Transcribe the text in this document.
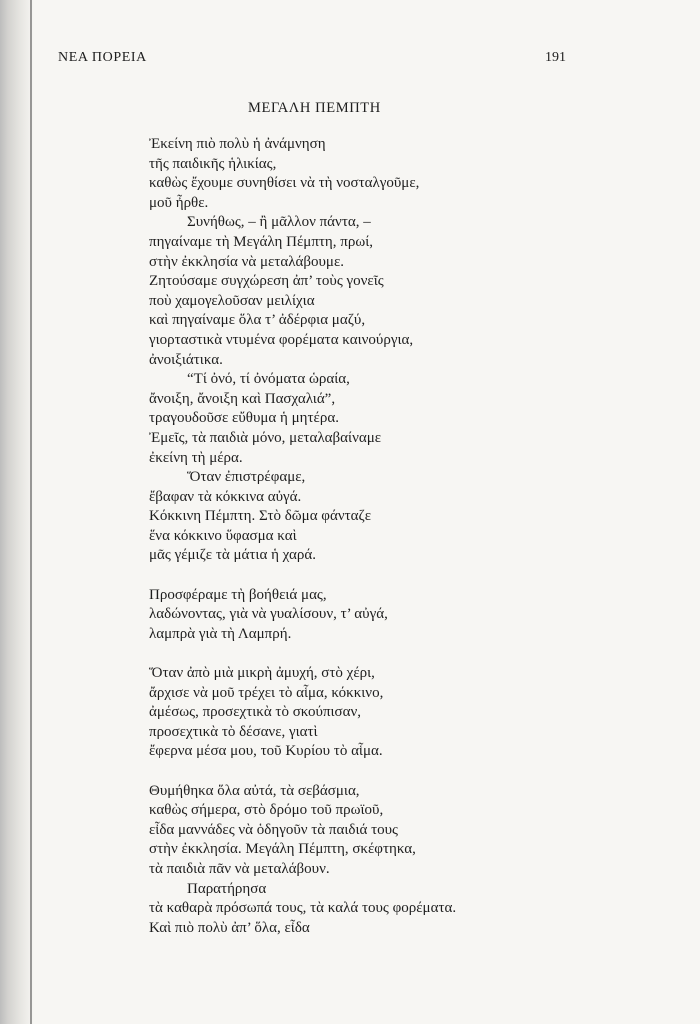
ΝΕΑ ΠΟΡΕΙΑ	191
ΜΕΓΑΛΗ ΠΕΜΠΤΗ
Ἐκείνη πιὸ πολὺ ἡ ἀνάμνηση
τῆς παιδικῆς ἡλικίας,
καθὼς ἔχουμε συνηθίσει νὰ τὴ νοσταλγοῦμε,
μοῦ ἦρθε.
Συνήθως, – ἢ μᾶλλον πάντα, –
πηγαίναμε τὴ Μεγάλη Πέμπτη, πρωί,
στὴν ἐκκλησία νὰ μεταλάβουμε.
Ζητούσαμε συγχώρεση ἀπ’ τοὺς γονεῖς
ποὺ χαμογελοῦσαν μειλίχια
καὶ πηγαίναμε ὅλα τ’ ἀδέρφια μαζύ,
γιορταστικὰ ντυμένα φορέματα καινούργια,
ἀνοιξιάτικα.
“Τί ὀνό, τί ὀνόματα ὡραία,
ἄνοιξη, ἄνοιξη καὶ Πασχαλιά”,
τραγουδοῦσε εὔθυμα ἡ μητέρα.
Ἐμεῖς, τὰ παιδιὰ μόνο, μεταλαβαίναμε
ἐκείνη τὴ μέρα.
Ὅταν ἐπιστρέφαμε,
ἔβαφαν τὰ κόκκινα αὐγά.
Κόκκινη Πέμπτη. Στὸ δῶμα φάνταζε
ἕνα κόκκινο ὕφασμα καὶ
μᾶς γέμιζε τὰ μάτια ἡ χαρά.
Προσφέραμε τὴ βοήθειά μας,
λαδώνοντας, γιὰ νὰ γυαλίσουν, τ’ αὐγά,
λαμπρὰ γιὰ τὴ Λαμπρή.
Ὅταν ἀπὸ μιὰ μικρὴ ἀμυχή, στὸ χέρι,
ἄρχισε νὰ μοῦ τρέχει τὸ αἷμα, κόκκινο,
ἀμέσως, προσεχτικὰ τὸ σκούπισαν,
προσεχτικὰ τὸ δέσανε, γιατὶ
ἔφερνα μέσα μου, τοῦ Κυρίου τὸ αἷμα.
Θυμήθηκα ὅλα αὐτά, τὰ σεβάσμια,
καθὼς σήμερα, στὸ δρόμο τοῦ πρωϊοῦ,
εἶδα μαννάδες νὰ ὁδηγοῦν τὰ παιδιά τους
στὴν ἐκκλησία. Μεγάλη Πέμπτη, σκέφτηκα,
τὰ παιδιὰ πᾶν νὰ μεταλάβουν.
Παρατήρησα
τὰ καθαρὰ πρόσωπά τους, τὰ καλά τους φορέματα.
Καὶ πιὸ πολὺ ἀπ’ ὅλα, εἶδα
